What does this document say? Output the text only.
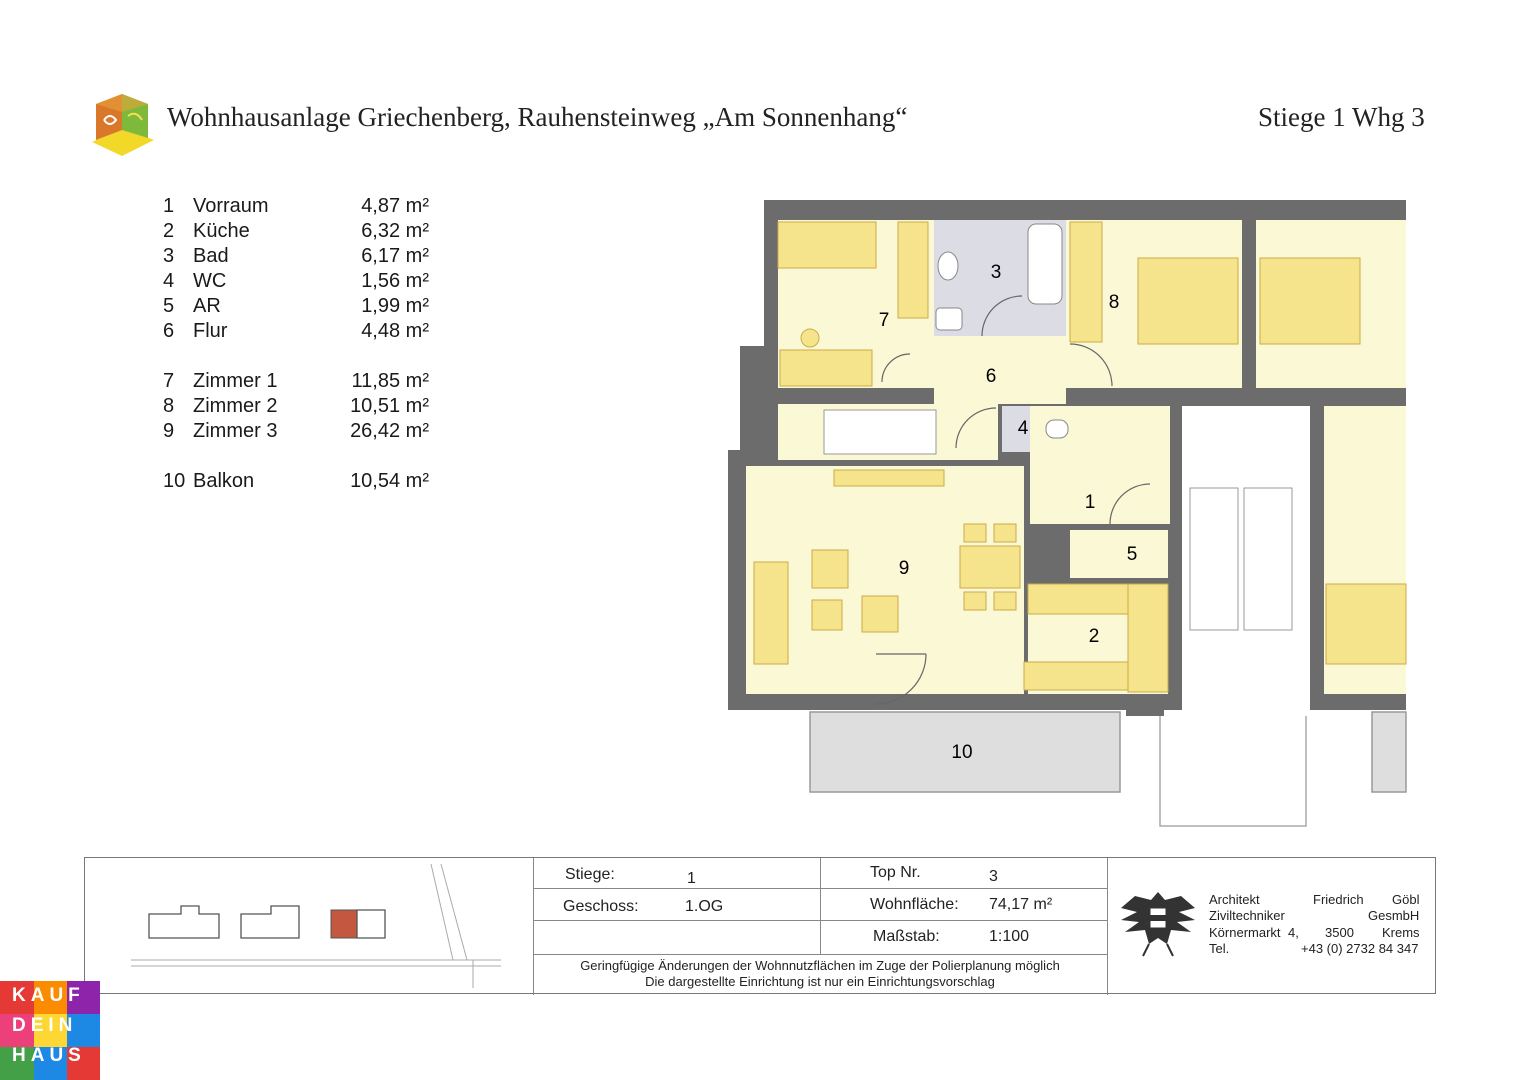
Wohnhausanlage Griechenberg, Rauhensteinweg „Am Sonnenhang“	Stiege 1 Whg 3
1 Vorraum	4,87 m²
2 Küche	6,32 m²
3 Bad	6,17 m²
4 WC	1,56 m²
5 AR	1,99 m²
6 Flur	4,48 m²
7 Zimmer 1	11,85 m²
8 Zimmer 2	10,51 m²
9 Zimmer 3	26,42 m²
10 Balkon	10,54 m²
1
2
3
4
5
6
7
8
9
10
Stiege:	1
Geschoss:	1.OG
Top Nr.	3
Wohnfläche: 74,17 m²
Maßstab:	1:100
Geringfügige Änderungen der Wohnnutzflächen im Zuge der Polierplanung möglich
Die dargestellte Einrichtung ist nur ein Einrichtungsvorschlag
Architekt	Friedrich Göbl
Ziviltechniker	GesmbH
Körnermarkt 4, 3500 Krems
Tel.	+43 (0) 2732 84 347
KAUF
DEIN
HAUS
